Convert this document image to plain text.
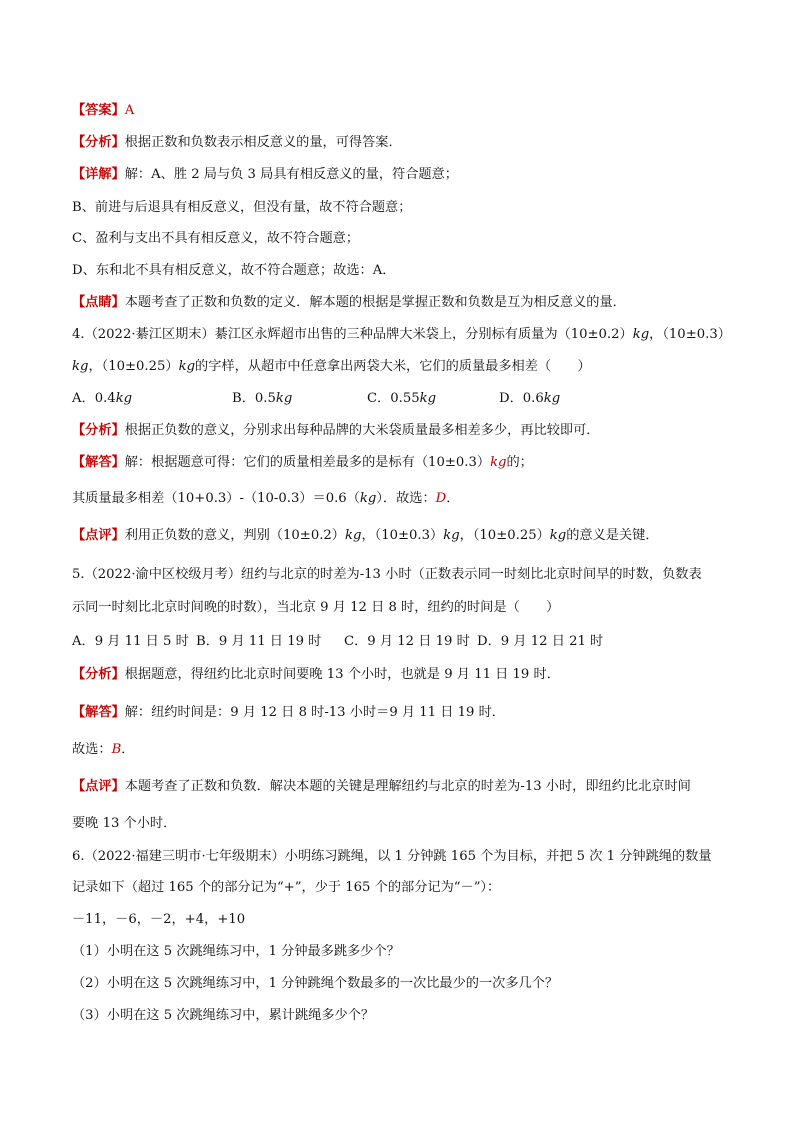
【答案】A
【分析】根据正数和负数表示相反意义的量，可得答案．
【详解】解：A、胜 2 局与负 3 局具有相反意义的量，符合题意；
B、前进与后退具有相反意义，但没有量，故不符合题意；
C、盈利与支出不具有相反意义，故不符合题意；
D、东和北不具有相反意义，故不符合题意；故选：A．
【点睛】本题考查了正数和负数的定义．解本题的根据是掌握正数和负数是互为相反意义的量．
4.（2022·綦江区期末）綦江区永辉超市出售的三种品牌大米袋上，分别标有质量为（10±0.2）kg，（10±0.3）
kg，（10±0.25）kg的字样，从超市中任意拿出两袋大米，它们的质量最多相差（　　）
A．0.4kg	B．0.5kg	C．0.55kg	D．0.6kg
【分析】根据正负数的意义，分别求出每种品牌的大米袋质量最多相差多少，再比较即可．
【解答】解：根据题意可得：它们的质量相差最多的是标有（10±0.3）kg的；
其质量最多相差（10+0.3）-（10-0.3）＝0.6（kg）．故选：D．
【点评】利用正负数的意义，判别（10±0.2）kg，（10±0.3）kg，（10±0.25）kg的意义是关键．
5.（2022·渝中区校级月考）纽约与北京的时差为-13 小时（正数表示同一时刻比北京时间早的时数，负数表
示同一时刻比北京时间晚的时数），当北京 9 月 12 日 8 时，纽约的时间是（　　）
A．9 月 11 日 5 时 B．9 月 11 日 19 时 C．9 月 12 日 19 时 D．9 月 12 日 21 时
【分析】根据题意，得纽约比北京时间要晚 13 个小时，也就是 9 月 11 日 19 时．
【解答】解：纽约时间是：9 月 12 日 8 时-13 小时＝9 月 11 日 19 时．
故选：B．
【点评】本题考查了正数和负数．解决本题的关键是理解纽约与北京的时差为-13 小时，即纽约比北京时间
要晚 13 个小时．
6.（2022·福建三明市·七年级期末）小明练习跳绳，以 1 分钟跳 165 个为目标，并把 5 次 1 分钟跳绳的数量
记录如下（超过 165 个的部分记为“+”，少于 165 个的部分记为“－”）：
－11，－6，－2，+4，+10
（1）小明在这 5 次跳绳练习中，1 分钟最多跳多少个？
（2）小明在这 5 次跳绳练习中，1 分钟跳绳个数最多的一次比最少的一次多几个？
（3）小明在这 5 次跳绳练习中，累计跳绳多少个？
